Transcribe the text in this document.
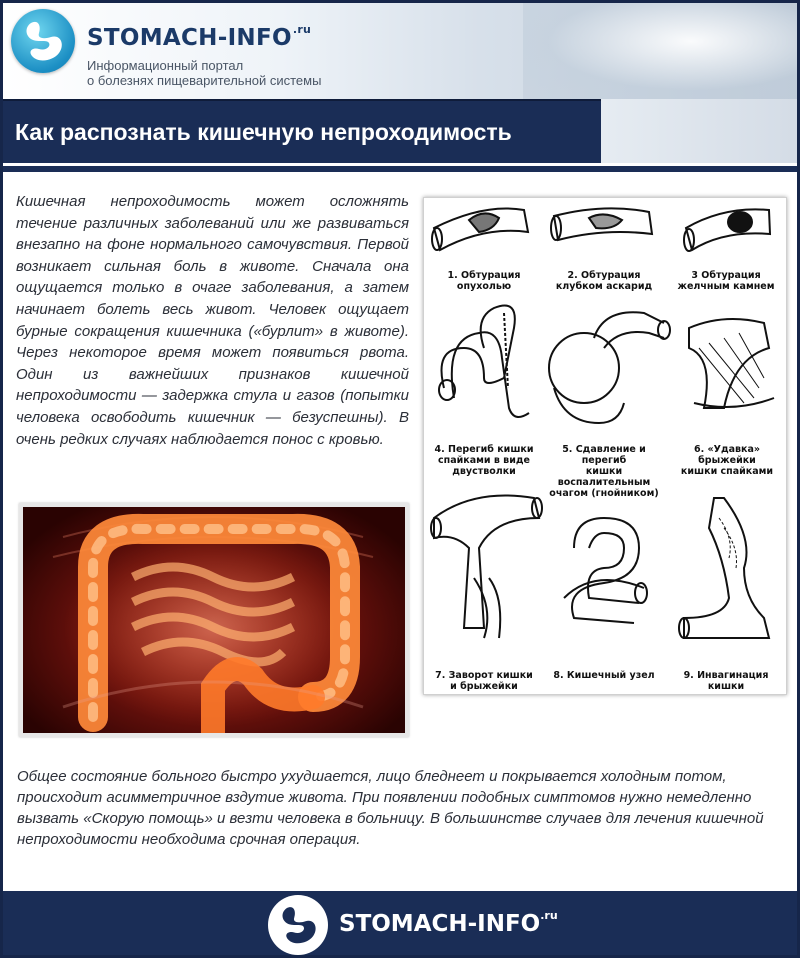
STOMACH-$INFO^{.ru}$
Информационный портал
о болезнях пищеварительной системы
Как распознать кишечную непроходимость

Кишечная непроходимость может осложнять течение различных заболеваний или же развиваться внезапно на фоне нормального самочувствия. Первой возникает сильная боль в животе. Сначала она ощущается только в очаге заболевания, а затем начинает болеть весь живот. Человек ощущает бурные сокращения кишечника («бурлит» в животе). Через некоторое время может появиться рвота. Один из важнейших признаков кишечной непроходимости — задержка стула и газов (попытки человека освободить кишечник — безуспешны). В очень редких случаях наблюдается понос с кровью.

1. Обтурация опухолью
2. Обтурация
клубком аскарид
3 Обтурация
желчным камнем
4. Перегиб кишки
спайками в виде
двустволки
5. Сдавление и перегиб
кишки воспалительным
очагом (гнойником)
6. «Удавка» брыжейки
кишки спайками
7. Заворот кишки
и брыжейки
8. Кишечный узел	9. Инвагинация кишки

Общее состояние больного быстро ухудшается, лицо бледнеет и покрывается холодным потом, происходит асимметричное вздутие живота. При появлении подобных симптомов нужно немедленно вызвать «Скорую помощь» и везти человека в больницу. В большинстве случаев для лечения кишечной непроходимости необходима срочная операция.

STOMACH-$INFO^{.ru}$
